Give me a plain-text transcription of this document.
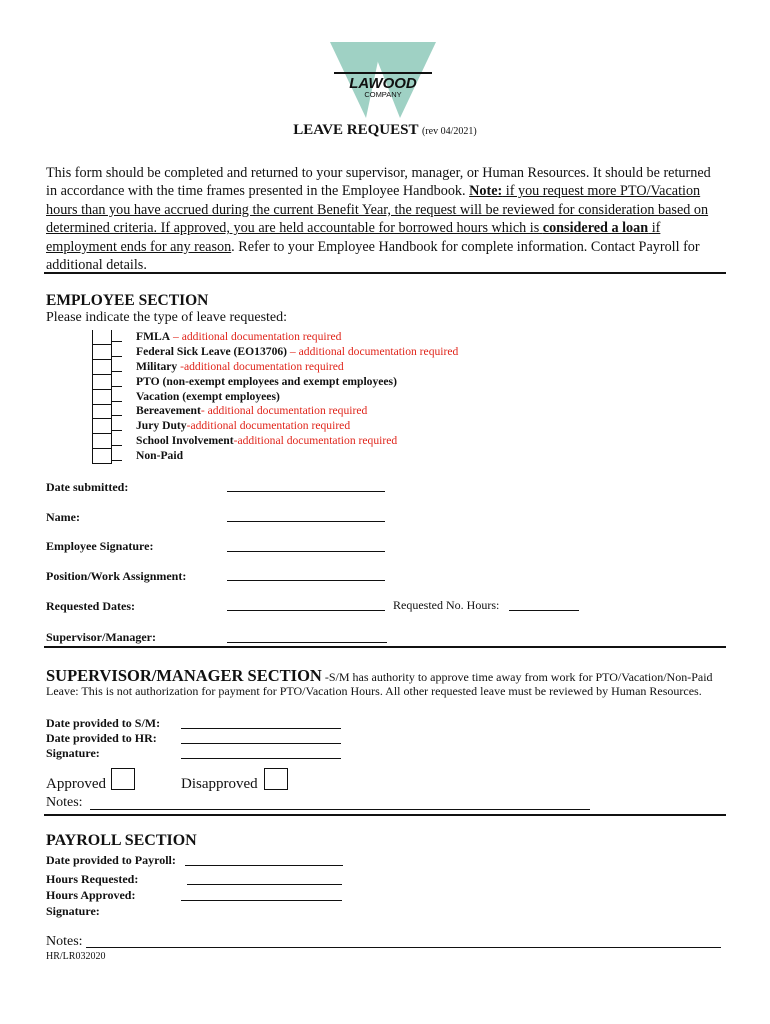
LAWOOD
COMPANY
LEAVE REQUEST (rev 04/2021)
This form should be completed and returned to your supervisor, manager, or Human Resources. It should be returned in accordance with the time frames presented in the Employee Handbook. Note: if you request more PTO/Vacation hours than you have accrued during the current Benefit Year, the request will be reviewed for consideration based on determined criteria. If approved, you are held accountable for borrowed hours which is considered a loan if employment ends for any reason. Refer to your Employee Handbook for complete information. Contact Payroll for additional details.
EMPLOYEE SECTION
Please indicate the type of leave requested:
FMLA – additional documentation required
Federal Sick Leave (EO13706) – additional documentation required
Military -additional documentation required
PTO (non-exempt employees and exempt employees)
Vacation (exempt employees)
Bereavement- additional documentation required
Jury Duty-additional documentation required
School Involvement-additional documentation required
Non-Paid
Date submitted:
Name:
Employee Signature:
Position/Work Assignment:
Requested Dates:	Requested No. Hours:
Supervisor/Manager:
SUPERVISOR/MANAGER SECTION -S/M has authority to approve time away from work for PTO/Vacation/Non-Paid
Leave: This is not authorization for payment for PTO/Vacation Hours. All other requested leave must be reviewed by Human Resources.
Date provided to S/M:
Date provided to HR:
Signature:
Approved	Disapproved
Notes:
PAYROLL SECTION
Date provided to Payroll:
Hours Requested:
Hours Approved:
Signature:
Notes:
HR/LR032020
